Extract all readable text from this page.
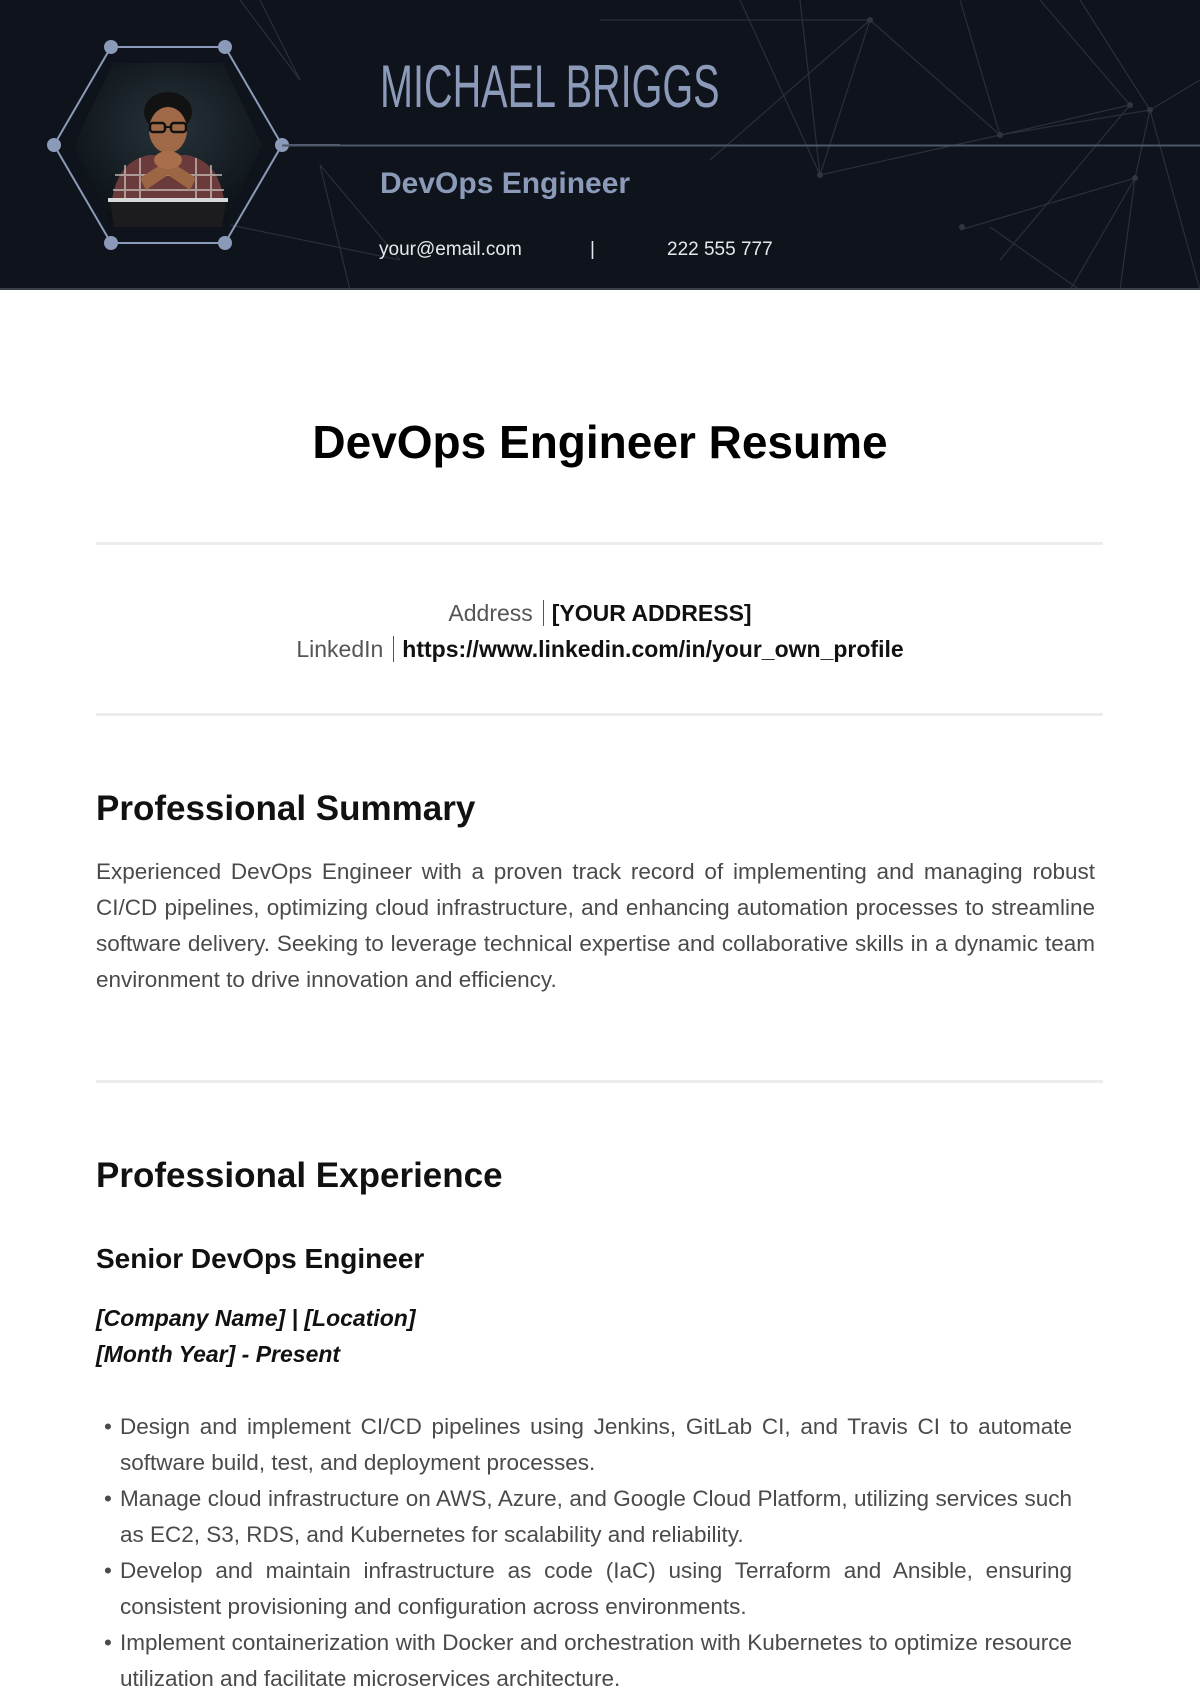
MICHAEL BRIGGS
DevOps Engineer
your@email.com	|	222 555 777
DevOps Engineer Resume
Address [YOUR ADDRESS]
LinkedIn https://www.linkedin.com/in/your_own_profile
Professional Summary

Experienced DevOps Engineer with a proven track record of implementing and managing robust CI/CD pipelines, optimizing cloud infrastructure, and enhancing automation processes to streamline software delivery. Seeking to leverage technical expertise and collaborative skills in a dynamic team environment to drive innovation and efficiency.

Professional Experience
Senior DevOps Engineer
[Company Name] | [Location]
[Month Year] - Present
• Design and implement CI/CD pipelines using Jenkins, GitLab CI, and Travis CI to automate software build, test, and deployment processes.
• Manage cloud infrastructure on AWS, Azure, and Google Cloud Platform, utilizing services such as EC2, S3, RDS, and Kubernetes for scalability and reliability.
• Develop and maintain infrastructure as code (IaC) using Terraform and Ansible, ensuring consistent provisioning and configuration across environments.
• Implement containerization with Docker and orchestration with Kubernetes to optimize resource utilization and facilitate microservices architecture.
